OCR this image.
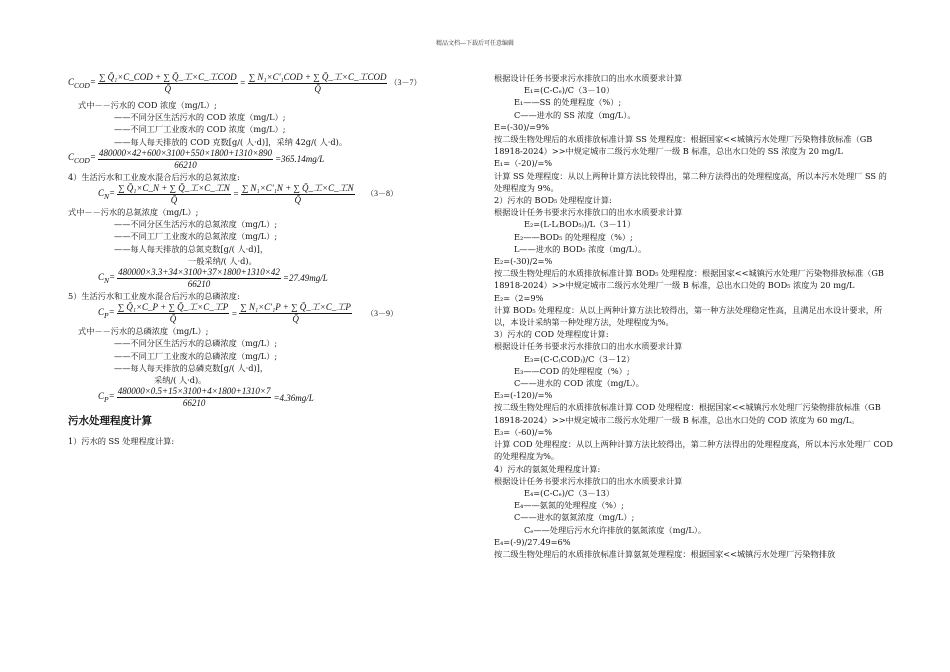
精品文档---下载后可任意编辑
$C_{COD}= \frac{\text{∑ Q̄₁×C\_COD + ∑ Q̄\_工×C\_工COD}}{Q̄} = \frac{\text{∑ N₁×C'₁COD + ∑ Q̄\_工×C\_工COD}}{Q̄} (3-7)$
式中－－污水的 COD 浓度（mg/L）;
——不同分区生活污水的 COD 浓度（mg/L）;
——不同工厂工业废水的 COD 浓度（mg/L）;
——每人每天排放的 COD 克数[g/( 人·d)]，采纳 42g/( 人·d)。
$C_{COD}= \frac{480000\times 42+600\times 3100+550\times 1800+1310\times 890}{66210} =365.14mg/L$
4）生活污水和工业废水混合后污水的总氮浓度:
$C_N= \frac{\text{∑ Q̄₁×C\_N + ∑ Q̄\_工×C\_工N}}{Q̄} = \frac{\text{∑ N₁×C'₁N + ∑ Q̄\_工×C\_工N}}{Q̄} (3-8)$
式中－－污水的总氮浓度（mg/L）;
——不同分区生活污水的总氮浓度（mg/L）;
——不同工厂工业废水的总氮浓度（mg/L）;
——每人每天排放的总氮克数[g/( 人·d)]，
一般采纳/( 人·d)。
$C_N= \frac{480000\times 3.3+34\times 3100+37\times 1800+1310\times 42}{66210} =27.49mg/L$
5）生活污水和工业废水混合后污水的总磷浓度:
$C_P= \frac{\text{∑ Q̄₁×C\_P + ∑ Q̄\_工×C\_工P}}{Q̄} = \frac{\text{∑ N₁×C'₁P + ∑ Q̄\_工×C\_工P}}{Q̄} (3-9)$
式中－－污水的总磷浓度（mg/L）;
——不同分区生活污水的总磷浓度（mg/L）;
——不同工厂工业废水的总磷浓度（mg/L）;
——每人每天排放的总磷克数[g/( 人·d)]，
采纳/( 人·d)。
$C_P= \frac{480000\times 0.5+15\times 3100+4\times 1800+1310\times 7}{66210} =4.36mg/L$
污水处理程度计算
1）污水的 SS 处理程度计算:
根据设计任务书要求污水排放口的出水水质要求计算
E₁=(C-Cₑ)/C（3－10）
E₁——SS 的处理程度（%）;
C——进水的 SS 浓度（mg/L）。
E=(-30)/=9%
按二级生物处理后的水质排放标准计算 SS 处理程度：根据国家<<城镇污水处理厂污染物排放标准（GB 18918-2024）>>中规定城市二级污水处理厂一级 B 标准，总出水口处的 SS 浓度为 20 mg/L
E₁=（-20)/=%
计算 SS 处理程度：从以上两种计算方法比较得出，第二种方法得出的处理程度高，所以本污水处理厂 SS 的处理程度为 9%。
2）污水的 BOD₅ 处理程度计算:
根据设计任务书要求污水排放口的出水水质要求计算
E₂=(L-L₍BOD₅₎)/L（3－11）
E₂——BOD₅ 的处理程度（%）;
L——进水的 BOD₅ 浓度（mg/L）。
E₂=(-30)/2=%
按二级生物处理后的水质排放标准计算 BOD₅ 处理程度：根据国家<<城镇污水处理厂污染物排放标准（GB 18918-2024）>>中规定城市二级污水处理厂一级 B 标准，总出水口处的 BOD₅ 浓度为 20 mg/L
E₂=（2=9%
计算 BOD₅ 处理程度：从以上两种计算方法比较得出，第一种方法处理稳定性高，且满足出水设计要求，所以，本设计采纳第一种处理方法，处理程度为%。
3）污水的 COD 处理程度计算:
根据设计任务书要求污水排放口的出水水质要求计算
E₃=(C-C₍COD₎)/C（3－12）
E₃——COD 的处理程度（%）;
C——进水的 COD 浓度（mg/L）。
E₃=(-120)/=%
按二级生物处理后的水质排放标准计算 COD 处理程度：根据国家<<城镇污水处理厂污染物排放标准（GB 18918-2024）>>中规定城市二级污水处理厂一级 B 标准，总出水口处的 COD 浓度为 60 mg/L。
E₃=（-60)/=%
计算 COD 处理程度：从以上两种计算方法比较得出，第二种方法得出的处理程度高，所以本污水处理厂 COD 的处理程度为%。
4）污水的氨氮处理程度计算:
根据设计任务书要求污水排放口的出水水质要求计算
E₄=(C-Cₑ)/C（3－13）
E₄——氨氮的处理程度（%）;
C——进水的氨氮浓度（mg/L）;
Cₑ——处理后污水允许排放的氨氮浓度（mg/L）。
E₄=(-9)/27.49=6%
按二级生物处理后的水质排放标准计算氨氮处理程度：根据国家<<城镇污水处理厂污染物排放
